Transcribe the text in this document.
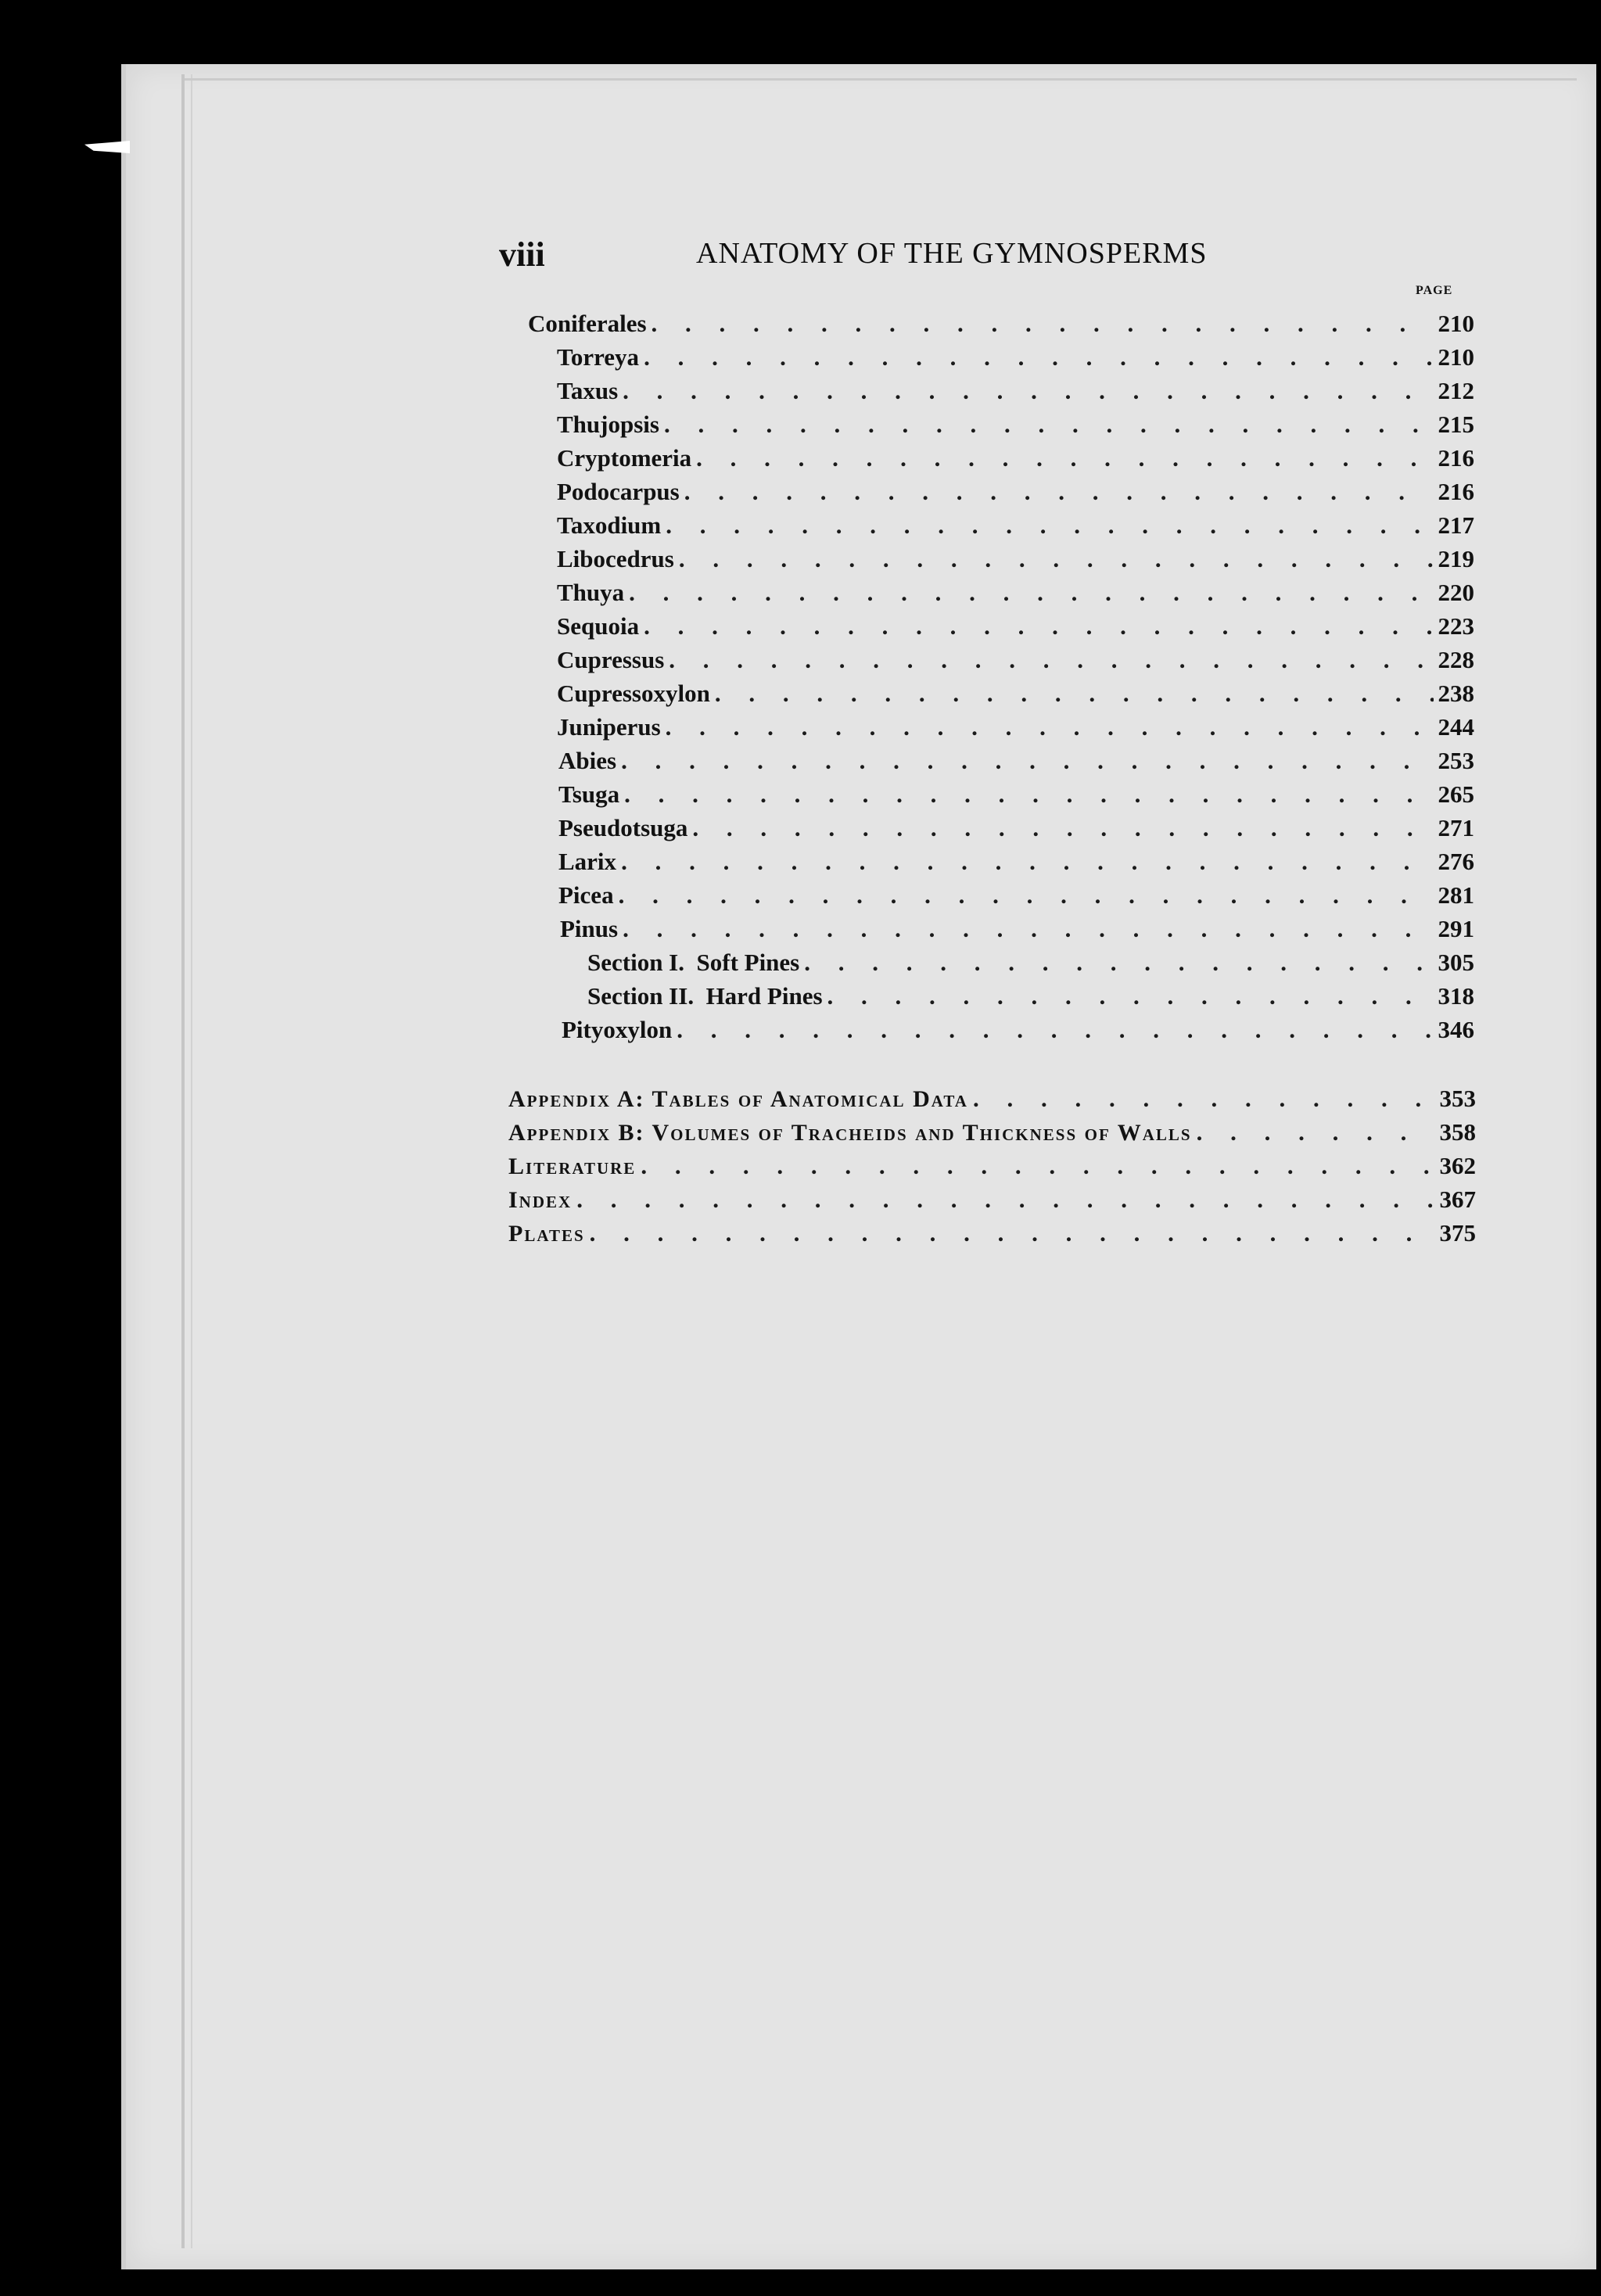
viii	ANATOMY OF THE GYMNOSPERMS
PAGE
Coniferales . . .	210
Torreya . . .	210
Taxus . . .	212
Thujopsis . . .	215
Cryptomeria . . .	216
Podocarpus . . .	216
Taxodium . . .	217
Libocedrus . . .	219
Thuya . . .	220
Sequoia . . .	223
Cupressus . . .	228
Cupressoxylon . . .	238
Juniperus . . .	244
Abies . . .	253
Tsuga . . .	265
Pseudotsuga . . .	271
Larix . . .	276
Picea . . .	281
Pinus . . .	291
Section I.  Soft Pines . . .	305
Section II.  Hard Pines . . .	318
Pityoxylon . . .	346
Appendix A: Tables of Anatomical Data . . .	353
Appendix B: Volumes of Tracheids and Thickness of Walls . . .	358
Literature . . .	362
Index . . .	367
Plates . . .	375
